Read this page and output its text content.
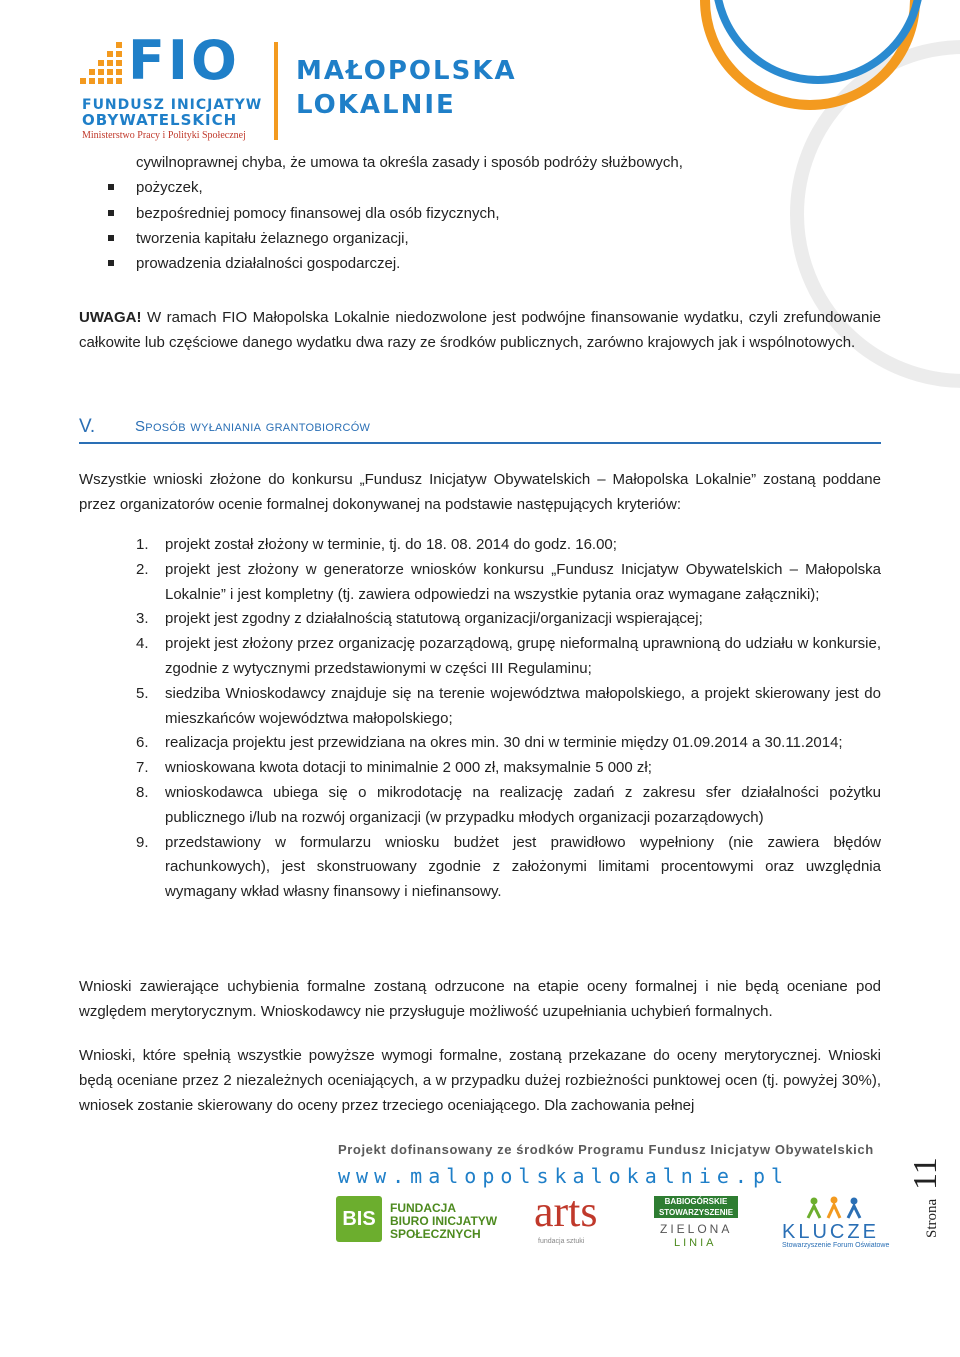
FIO
FUNDUSZ INICJATYW
OBYWATELSKICH
Ministerstwo Pracy i Polityki Społecznej
MAŁOPOLSKA
LOKALNIE
cywilnoprawnej chyba, że umowa ta określa zasady i sposób podróży służbowych,
pożyczek,
bezpośredniej pomocy finansowej dla osób fizycznych,
tworzenia kapitału żelaznego organizacji,
prowadzenia działalności gospodarczej.
UWAGA! W ramach FIO Małopolska Lokalnie niedozwolone jest podwójne finansowanie wydatku, czyli zrefundowanie całkowite lub częściowe danego wydatku dwa razy ze środków publicznych, zarówno krajowych jak i wspólnotowych.
V.	Sposób wyłaniania grantobiorców
Wszystkie wnioski złożone do konkursu „Fundusz Inicjatyw Obywatelskich – Małopolska Lokalnie” zostaną poddane przez organizatorów ocenie formalnej dokonywanej na podstawie następujących kryteriów:
1. projekt został złożony w terminie, tj. do 18. 08. 2014 do godz. 16.00;
2. projekt jest złożony w generatorze wniosków konkursu „Fundusz Inicjatyw Obywatelskich – Małopolska Lokalnie” i jest kompletny (tj. zawiera odpowiedzi na wszystkie pytania oraz wymagane załączniki);
3. projekt jest zgodny z działalnością statutową organizacji/organizacji wspierającej;
4. projekt jest złożony przez organizację pozarządową, grupę nieformalną uprawnioną do udziału w konkursie, zgodnie z wytycznymi przedstawionymi w części III Regulaminu;
5. siedziba Wnioskodawcy znajduje się na terenie województwa małopolskiego, a projekt skierowany jest do mieszkańców województwa małopolskiego;
6. realizacja projektu jest przewidziana na okres min. 30 dni w terminie między 01.09.2014 a 30.11.2014;
7. wnioskowana kwota dotacji to minimalnie 2 000 zł, maksymalnie 5 000 zł;
8. wnioskodawca ubiega się o mikrodotację na realizację zadań z zakresu sfer działalności pożytku publicznego i/lub na rozwój organizacji (w przypadku młodych organizacji pozarządowych)
9. przedstawiony w formularzu wniosku budżet jest prawidłowo wypełniony (nie zawiera błędów rachunkowych), jest skonstruowany zgodnie z założonymi limitami procentowymi oraz uwzględnia wymagany wkład własny finansowy i niefinansowy.
Wnioski zawierające uchybienia formalne zostaną odrzucone na etapie oceny formalnej i nie będą oceniane pod względem merytorycznym. Wnioskodawcy nie przysługuje możliwość uzupełniania uchybień formalnych.
Wnioski, które spełnią wszystkie powyższe wymogi formalne, zostaną przekazane do oceny merytorycznej. Wnioski będą oceniane przez 2 niezależnych oceniających, a w przypadku dużej rozbieżności punktowej ocen (tj. powyżej 30%), wniosek zostanie skierowany do oceny przez trzeciego oceniającego. Dla zachowania pełnej
Projekt dofinansowany ze środków Programu Fundusz Inicjatyw Obywatelskich
www.malopolskalokalnie.pl
BIS	FUNDACJA
BIURO INICJATYW
SPOŁECZNYCH	arts
fundacja sztuki
BABIOGÓRSKIE
STOWARZYSZENIE
ZIELONA
LINIA	KLUCZE
Stowarzyszenie Forum Oświatowe
Strona
11
